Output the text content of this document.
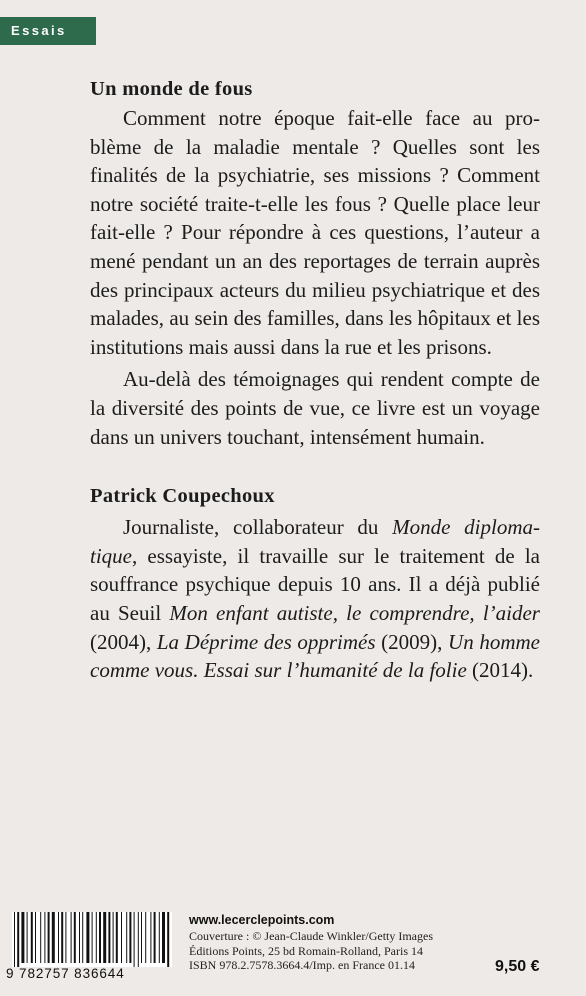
Essais
Un monde de fous

Comment notre époque fait-elle face au problème de la maladie mentale ? Quelles sont les finalités de la psychiatrie, ses missions ? Comment notre société traite-t-elle les fous ? Quelle place leur fait-elle ? Pour répondre à ces questions, l’auteur a mené pendant un an des reportages de terrain auprès des principaux acteurs du milieu psychiatrique et des malades, au sein des familles, dans les hôpitaux et les institutions mais aussi dans la rue et les prisons.

Au-delà des témoignages qui rendent compte de la diversité des points de vue, ce livre est un voyage dans un univers touchant, intensément humain.

Patrick Coupechoux

Journaliste, collaborateur du Monde diplomatique, essayiste, il travaille sur le traitement de la souffrance psychique depuis 10 ans. Il a déjà publié au Seuil Mon enfant autiste, le comprendre, l’aider (2004), La Déprime des opprimés (2009), Un homme comme vous. Essai sur l’humanité de la folie (2014).

9 782757 836644
www.lecerclepoints.com
Couverture : © Jean-Claude Winkler/Getty Images
Éditions Points, 25 bd Romain-Rolland, Paris 14
ISBN 978.2.7578.3664.4/Imp. en France 01.14	9,50 €
